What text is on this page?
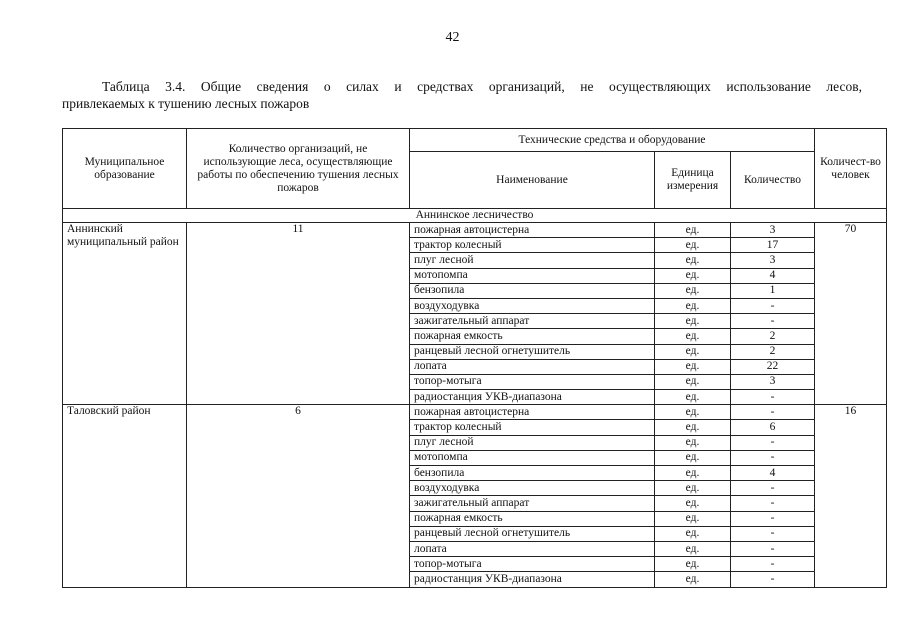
42
Таблица 3.4. Общие сведения о силах и средствах организаций, не осуществляющих использование лесов,
привлекаемых к тушению лесных пожаров
Муниципальное образование	Количество организаций, не использующие леса, осуществляющие работы по обеспечению тушения лесных пожаров	Технические средства и оборудование			Количест-во человек
		Наименование	Единица измерения	Количество	
Аннинское лесничество					
Аннинский муниципальный район	11	пожарная автоцистерна	ед.	3	70
		трактор колесный	ед.	17	
		плуг лесной	ед.	3	
		мотопомпа	ед.	4	
		бензопила	ед.	1	
		воздуходувка	ед.	-	
		зажигательный аппарат	ед.	-	
		пожарная емкость	ед.	2	
		ранцевый лесной огнетушитель	ед.	2	
		лопата	ед.	22	
		топор-мотыга	ед.	3	
		радиостанция УКВ-диапазона	ед.	-	
Таловский район	6	пожарная автоцистерна	ед.	-	16
		трактор колесный	ед.	6	
		плуг лесной	ед.	-	
		мотопомпа	ед.	-	
		бензопила	ед.	4	
		воздуходувка	ед.	-	
		зажигательный аппарат	ед.	-	
		пожарная емкость	ед.	-	
		ранцевый лесной огнетушитель	ед.	-	
		лопата	ед.	-	
		топор-мотыга	ед.	-	
		радиостанция УКВ-диапазона	ед.	-	
